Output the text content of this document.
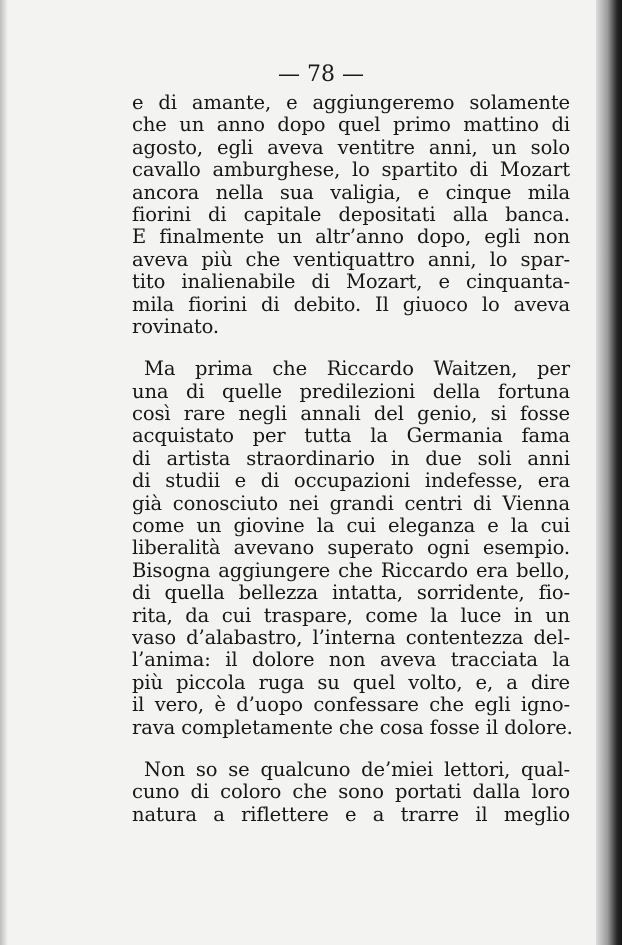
— 78 —

e di amante, e aggiungeremo solamente
che un anno dopo quel primo mattino di
agosto, egli aveva ventitre anni, un solo
cavallo amburghese, lo spartito di Mozart
ancora nella sua valigia, e cinque mila
fiorini di capitale depositati alla banca.
E finalmente un altr’anno dopo, egli non
aveva più che ventiquattro anni, lo spar-
tito inalienabile di Mozart, e cinquanta-
mila fiorini di debito. Il giuoco lo aveva
rovinato.

Ma prima che Riccardo Waitzen, per
una di quelle predilezioni della fortuna
così rare negli annali del genio, si fosse
acquistato per tutta la Germania fama
di artista straordinario in due soli anni
di studii e di occupazioni indefesse, era
già conosciuto nei grandi centri di Vienna
come un giovine la cui eleganza e la cui
liberalità avevano superato ogni esempio.
Bisogna aggiungere che Riccardo era bello,
di quella bellezza intatta, sorridente, fio-
rita, da cui traspare, come la luce in un
vaso d’alabastro, l’interna contentezza del-
l’anima: il dolore non aveva tracciata la
più piccola ruga su quel volto, e, a dire
il vero, è d’uopo confessare che egli igno-
rava completamente che cosa fosse il dolore.

Non so se qualcuno de’miei lettori, qual-
cuno di coloro che sono portati dalla loro
natura a riflettere e a trarre il meglio
